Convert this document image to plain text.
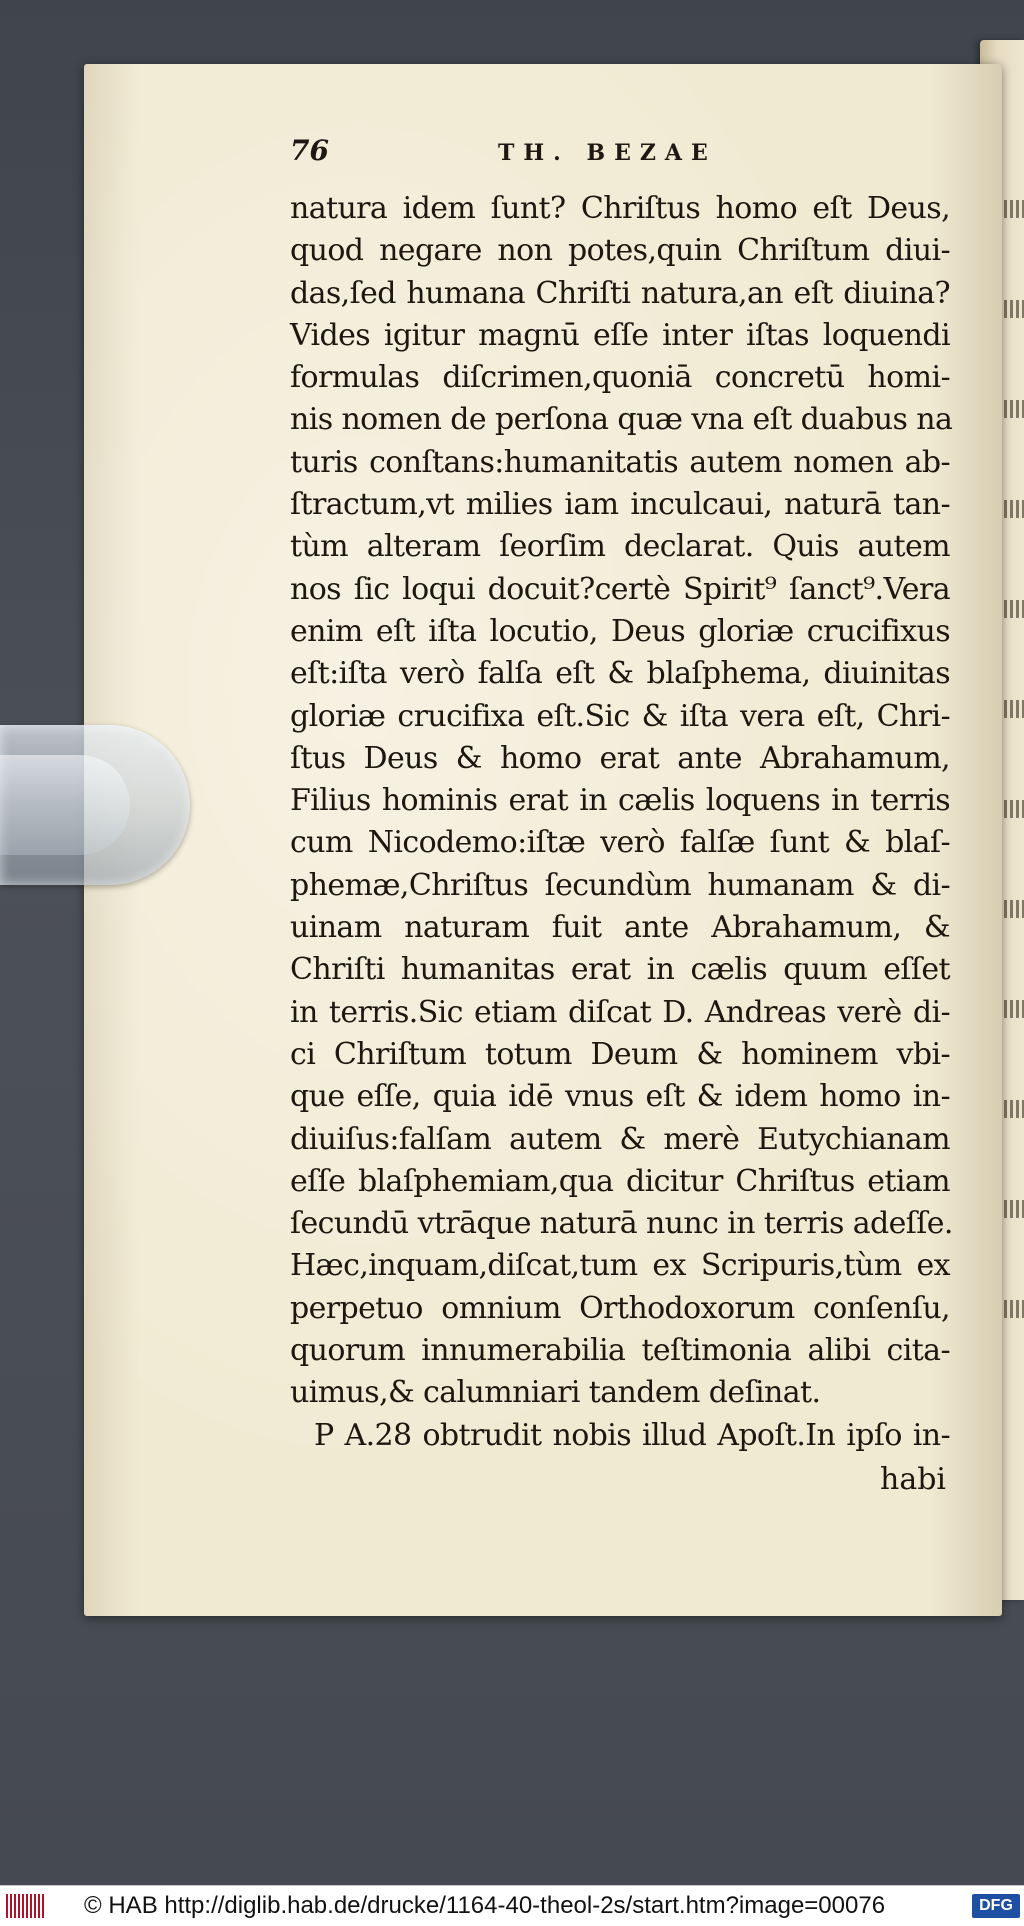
76	TH. BEZAE
natura idem ſunt? Chriſtus homo eſt Deus,
quod negare non potes,quin Chriſtum diui-
das,ſed humana Chriſti natura,an eſt diuina?
Vides igitur magnū eſſe inter iſtas loquendi
formulas diſcrimen,quoniā concretū homi-
nis nomen de perſona quæ vna eſt duabus na
turis conſtans:humanitatis autem nomen ab-
ſtractum,vt milies iam inculcaui, naturā tan-
tùm alteram ſeorſim declarat. Quis autem
nos ſic loqui docuit?certè Spirit⁹ ſanct⁹.Vera
enim eſt iſta locutio, Deus gloriæ crucifixus
eſt:iſta verò falſa eſt & blaſphema, diuinitas
gloriæ crucifixa eſt.Sic & iſta vera eſt, Chri-
ſtus Deus & homo erat ante Abrahamum,
Filius hominis erat in cælis loquens in terris
cum Nicodemo:iſtæ verò falſæ ſunt & blaſ-
phemæ,Chriſtus ſecundùm humanam & di-
uinam naturam fuit ante Abrahamum, &
Chriſti humanitas erat in cælis quum eſſet
in terris.Sic etiam diſcat D. Andreas verè di-
ci Chriſtum totum Deum & hominem vbi-
que eſſe, quia idē vnus eſt & idem homo in-
diuiſus:falſam autem & merè Eutychianam
eſſe blaſphemiam,qua dicitur Chriſtus etiam
ſecundū vtrāque naturā nunc in terris adeſſe.
Hæc,inquam,diſcat,tum ex Scripuris,tùm ex
perpetuo omnium Orthodoxorum conſenſu,
quorum innumerabilia teſtimonia alibi cita-
uimus,& calumniari tandem deſinat.
P A.28 obtrudit nobis illud Apoſt.In ipſo in-
habi
© HAB http://diglib.hab.de/drucke/1164-40-theol-2s/start.htm?image=00076	DFG
